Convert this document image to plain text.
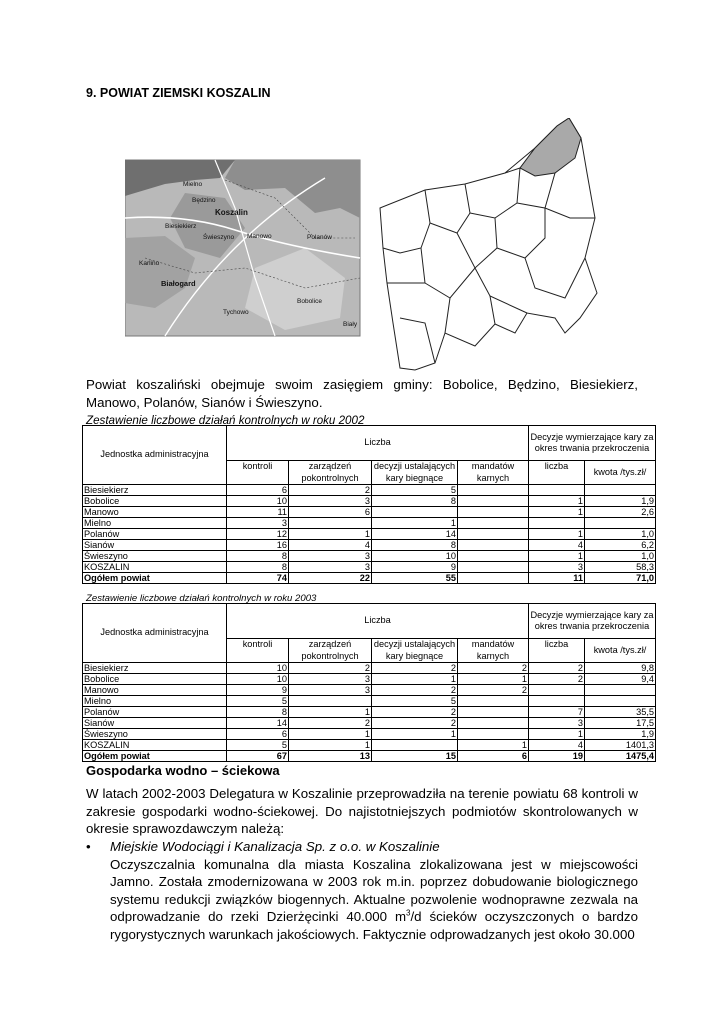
9. POWIAT ZIEMSKI KOSZALIN
Mielno
Będzino
Koszalin
Biesiekierz
Świeszyno Manowo	Polanów
Karlino
Białogard
Bobolice
Tychowo
Biały
Powiat koszaliński obejmuje swoim zasięgiem gminy: Bobolice, Będzino, Biesiekierz, Manowo, Polanów, Sianów i Świeszyno.
Zestawienie liczbowe działań kontrolnych w roku 2002
Jednostka administracyjna	Liczba				Decyzje wymierzające kary za okres trwania przekroczenia	
	kontroli	zarządzeń pokontrolnych	decyzji ustalających kary biegnące	mandatów karnych	liczba	kwota /tys.zł/
Biesiekierz	6	2	5			
Bobolice	10	3	8		1	1,9
Manowo	11	6			1	2,6
Mielno	3		1			
Polanów	12	1	14		1	1,0
Sianów	16	4	8		4	6,2
Świeszyno	8	3	10		1	1,0
KOSZALIN	8	3	9		3	58,3
Ogółem powiat	74	22	55		11	71,0
Zestawienie liczbowe działań kontrolnych w roku 2003
Jednostka administracyjna	Liczba				Decyzje wymierzające kary za okres trwania przekroczenia	
	kontroli	zarządzeń pokontrolnych	decyzji ustalających kary biegnące	mandatów karnych	liczba	kwota /tys.zł/
Biesiekierz	10	2	2	2	2	9,8
Bobolice	10	3	1	1	2	9,4
Manowo	9	3	2	2		
Mielno	5		5			
Polanów	8	1	2		7	35,5
Sianów	14	2	2		3	17,5
Świeszyno	6	1	1		1	1,9
KOSZALIN	5	1		1	4	1401,3
Ogółem powiat	67	13	15	6	19	1475,4
Gospodarka wodno – ściekowa
W latach 2002-2003 Delegatura w Koszalinie przeprowadziła na terenie powiatu 68 kontroli w zakresie gospodarki wodno-ściekowej. Do najistotniejszych podmiotów skontrolowanych w okresie sprawozdawczym należą:
• Miejskie Wodociągi i Kanalizacja Sp. z o.o. w Koszalinie
Oczyszczalnia komunalna dla miasta Koszalina zlokalizowana jest w miejscowości Jamno. Została zmodernizowana w 2003 rok m.in. poprzez dobudowanie biologicznego systemu redukcji związków biogennych. Aktualne pozwolenie wodnoprawne zezwala na odprowadzanie do rzeki Dzierżęcinki 40.000 $m^3/d$ ścieków oczyszczonych o bardzo rygorystycznych warunkach jakościowych. Faktycznie odprowadzanych jest około 30.000
